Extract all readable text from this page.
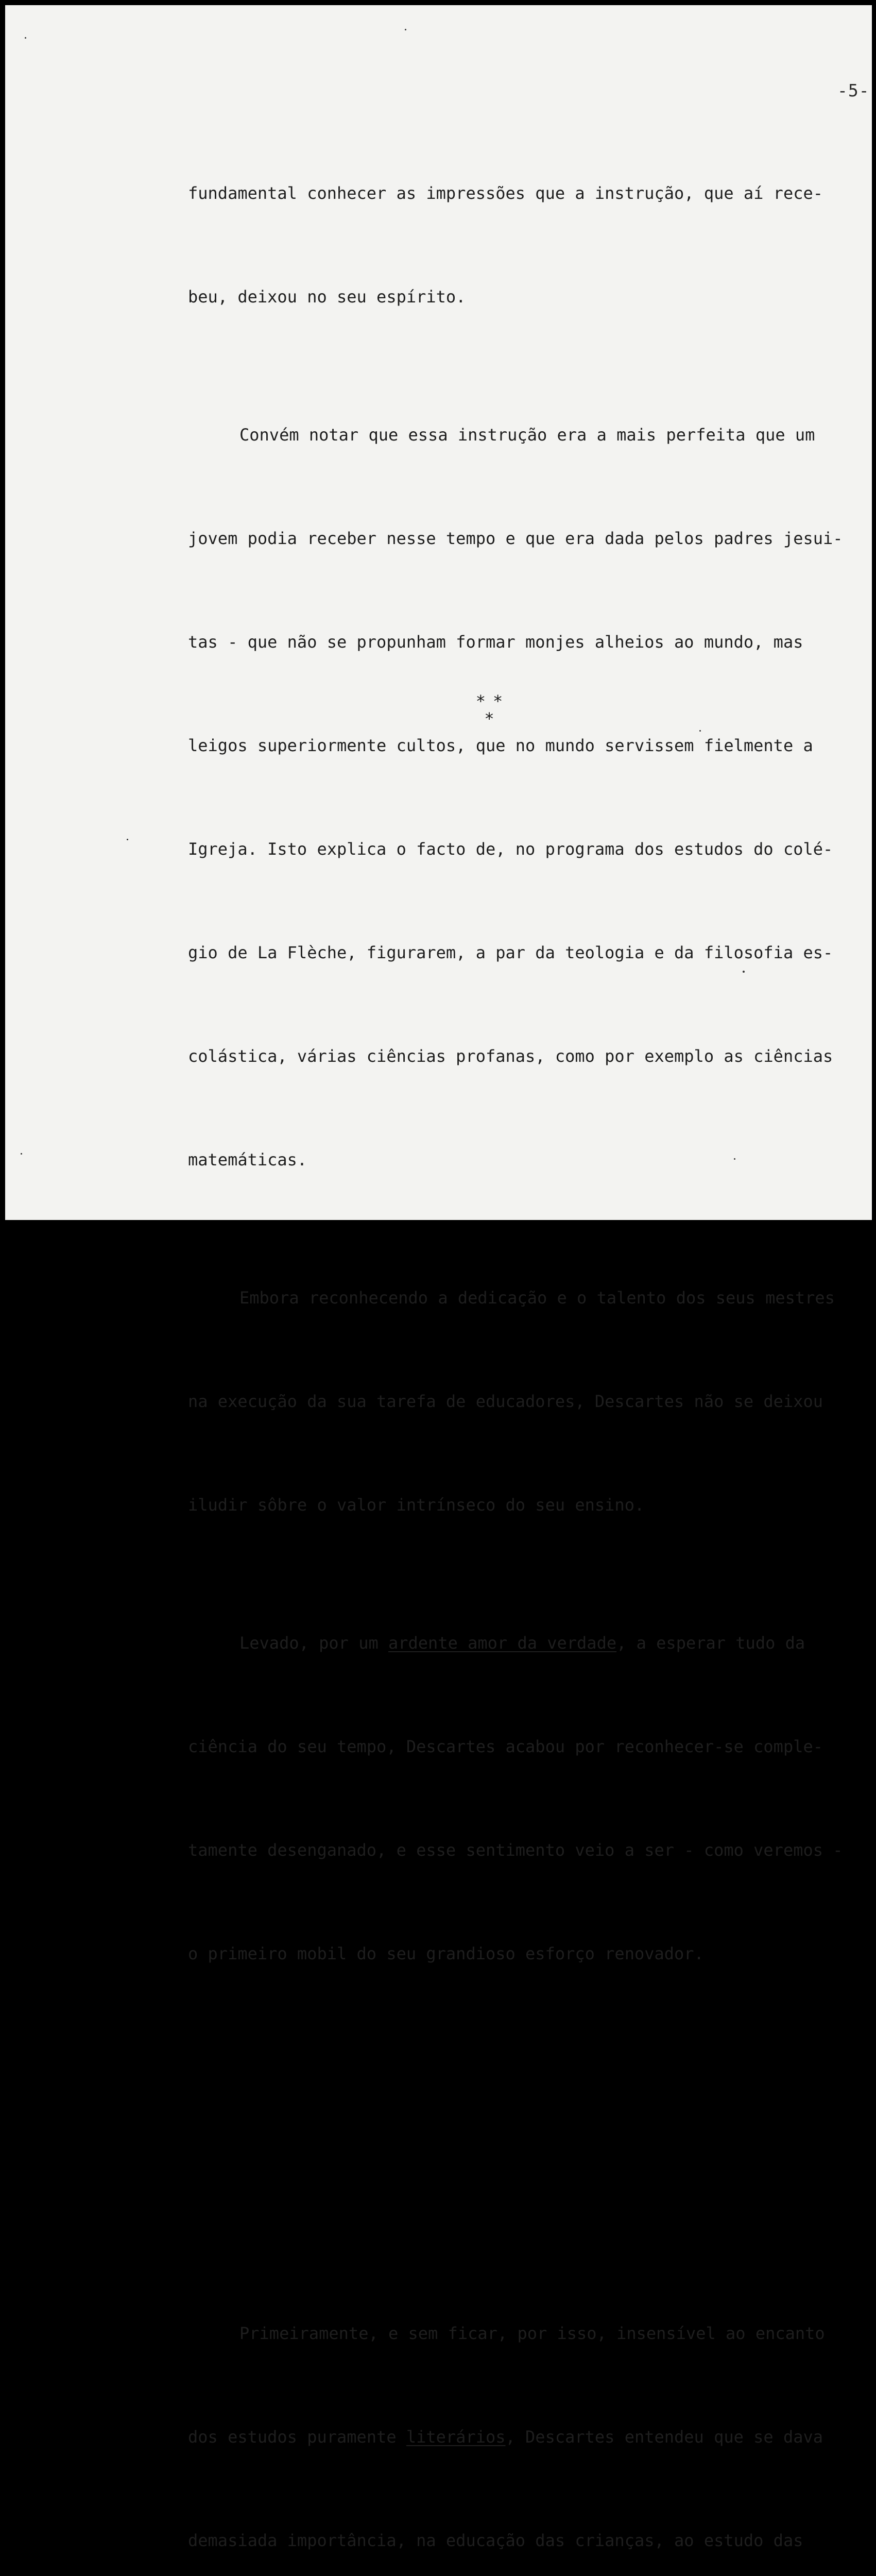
-5-

fundamental conhecer as impressões que a instrução, que aí rece-

beu, deixou no seu espírito.

Convém notar que essa instrução era a mais perfeita que um

jovem podia receber nesse tempo e que era dada pelos padres jesui-

tas - que não se propunham formar monjes alheios ao mundo, mas

leigos superiormente cultos, que no mundo servissem fielmente a

Igreja. Isto explica o facto de, no programa dos estudos do colé-

gio de La Flèche, figurarem, a par da teologia e da filosofia es-

colástica, várias ciências profanas, como por exemplo as ciências

matemáticas.

Embora reconhecendo a dedicação e o talento dos seus mestres

na execução da sua tarefa de educadores, Descartes não se deixou

iludir sôbre o valor intrínseco do seu ensino.

Levado, por um ardente amor da verdade, a esperar tudo da

ciência do seu tempo, Descartes acabou por reconhecer-se comple-

tamente desenganado, e esse sentimento veio a ser - como veremos -

o primeiro mobil do seu grandioso esforço renovador.

Primeiramente, e sem ficar, por isso, insensível ao encanto

dos estudos puramente literários, Descartes entendeu que se dava

demasiada importância, na educação das crianças, ao estudo das

**
*
